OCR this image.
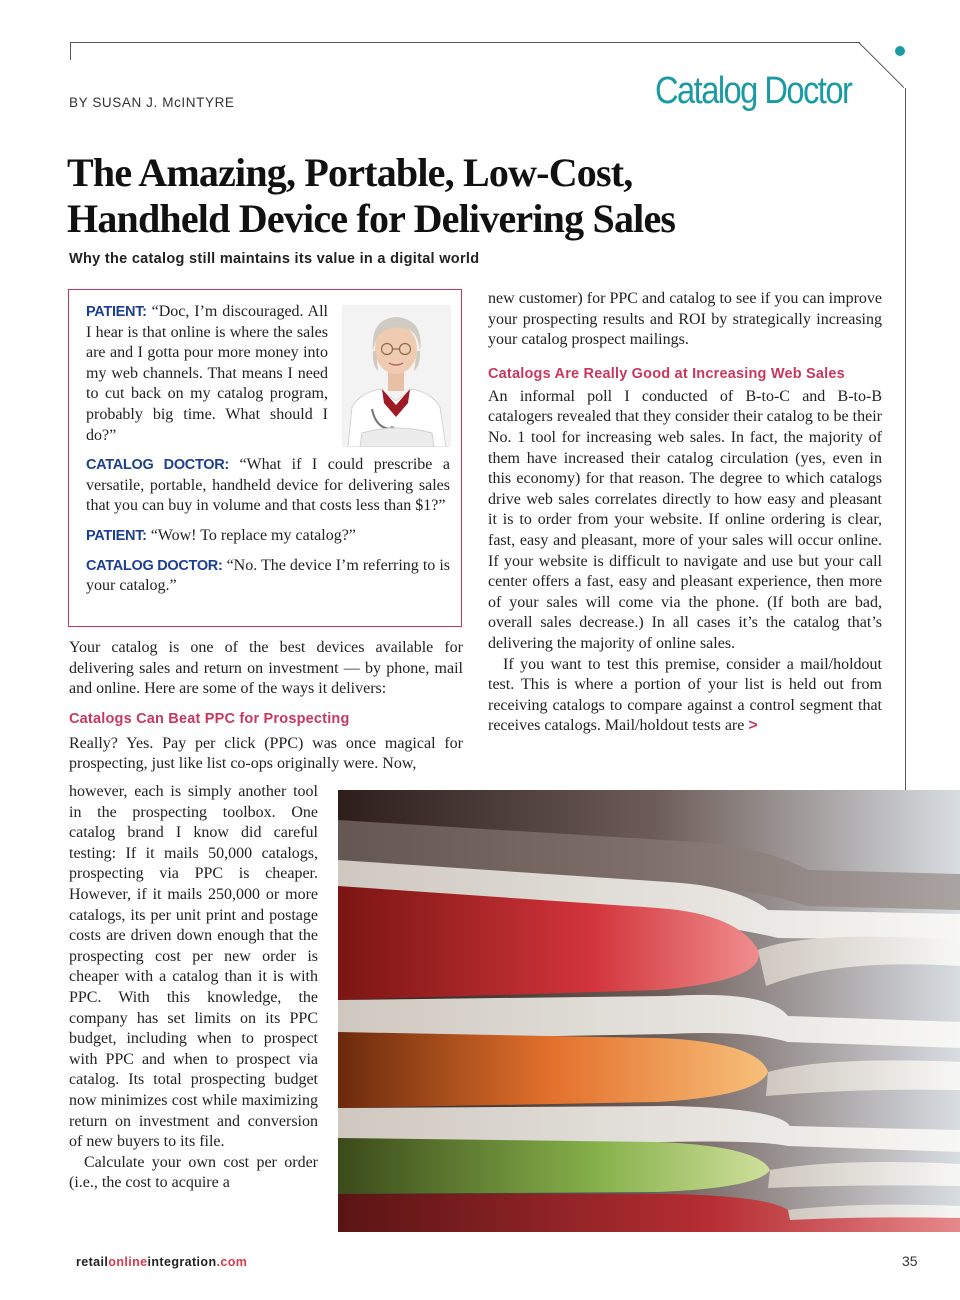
BY SUSAN J. McINTYRE	Catalog Doctor
The Amazing, Portable, Low-Cost,
Handheld Device for Delivering Sales
Why the catalog still maintains its value in a digital world

PATIENT: “Doc, I’m discouraged. All I hear is that online is where the sales are and I gotta pour more money into my web channels. That means I need to cut back on my catalog program, probably big time. What should I do?”

CATALOG DOCTOR: “What if I could prescribe a versatile, portable, handheld device for delivering sales that you can buy in volume and that costs less than $1?”

PATIENT: “Wow! To replace my catalog?”

CATALOG DOCTOR: “No. The device I’m referring to is your catalog.”

Your catalog is one of the best devices available for delivering sales and return on investment — by phone, mail and online. Here are some of the ways it delivers:

Catalogs Can Beat PPC for Prospecting

Really? Yes. Pay per click (PPC) was once magical for prospecting, just like list co-ops originally were. Now,

however, each is simply another tool in the prospecting toolbox. One catalog brand I know did careful testing: If it mails 50,000 catalogs, prospecting via PPC is cheaper. However, if it mails 250,000 or more catalogs, its per unit print and postage costs are driven down enough that the prospecting cost per new order is cheaper with a catalog than it is with PPC. With this knowledge, the company has set limits on its PPC budget, including when to prospect with PPC and when to prospect via catalog. Its total prospecting budget now minimizes cost while maximizing return on investment and conversion of new buyers to its file.

Calculate your own cost per order (i.e., the cost to acquire a

new customer) for PPC and catalog to see if you can improve your prospecting results and ROI by strategically increasing your catalog prospect mailings.

Catalogs Are Really Good at Increasing Web Sales

An informal poll I conducted of B-to-C and B-to-B catalogers revealed that they consider their catalog to be their No. 1 tool for increasing web sales. In fact, the majority of them have increased their catalog circulation (yes, even in this economy) for that reason. The degree to which catalogs drive web sales correlates directly to how easy and pleasant it is to order from your website. If online ordering is clear, fast, easy and pleasant, more of your sales will occur online. If your website is difficult to navigate and use but your call center offers a fast, easy and pleasant experience, then more of your sales will come via the phone. (If both are bad, overall sales decrease.) In all cases it’s the catalog that’s delivering the majority of online sales.

If you want to test this premise, consider a mail/holdout test. This is where a portion of your list is held out from receiving catalogs to compare against a control segment that receives catalogs. Mail/holdout tests are >

retailonlineintegration.com	35
